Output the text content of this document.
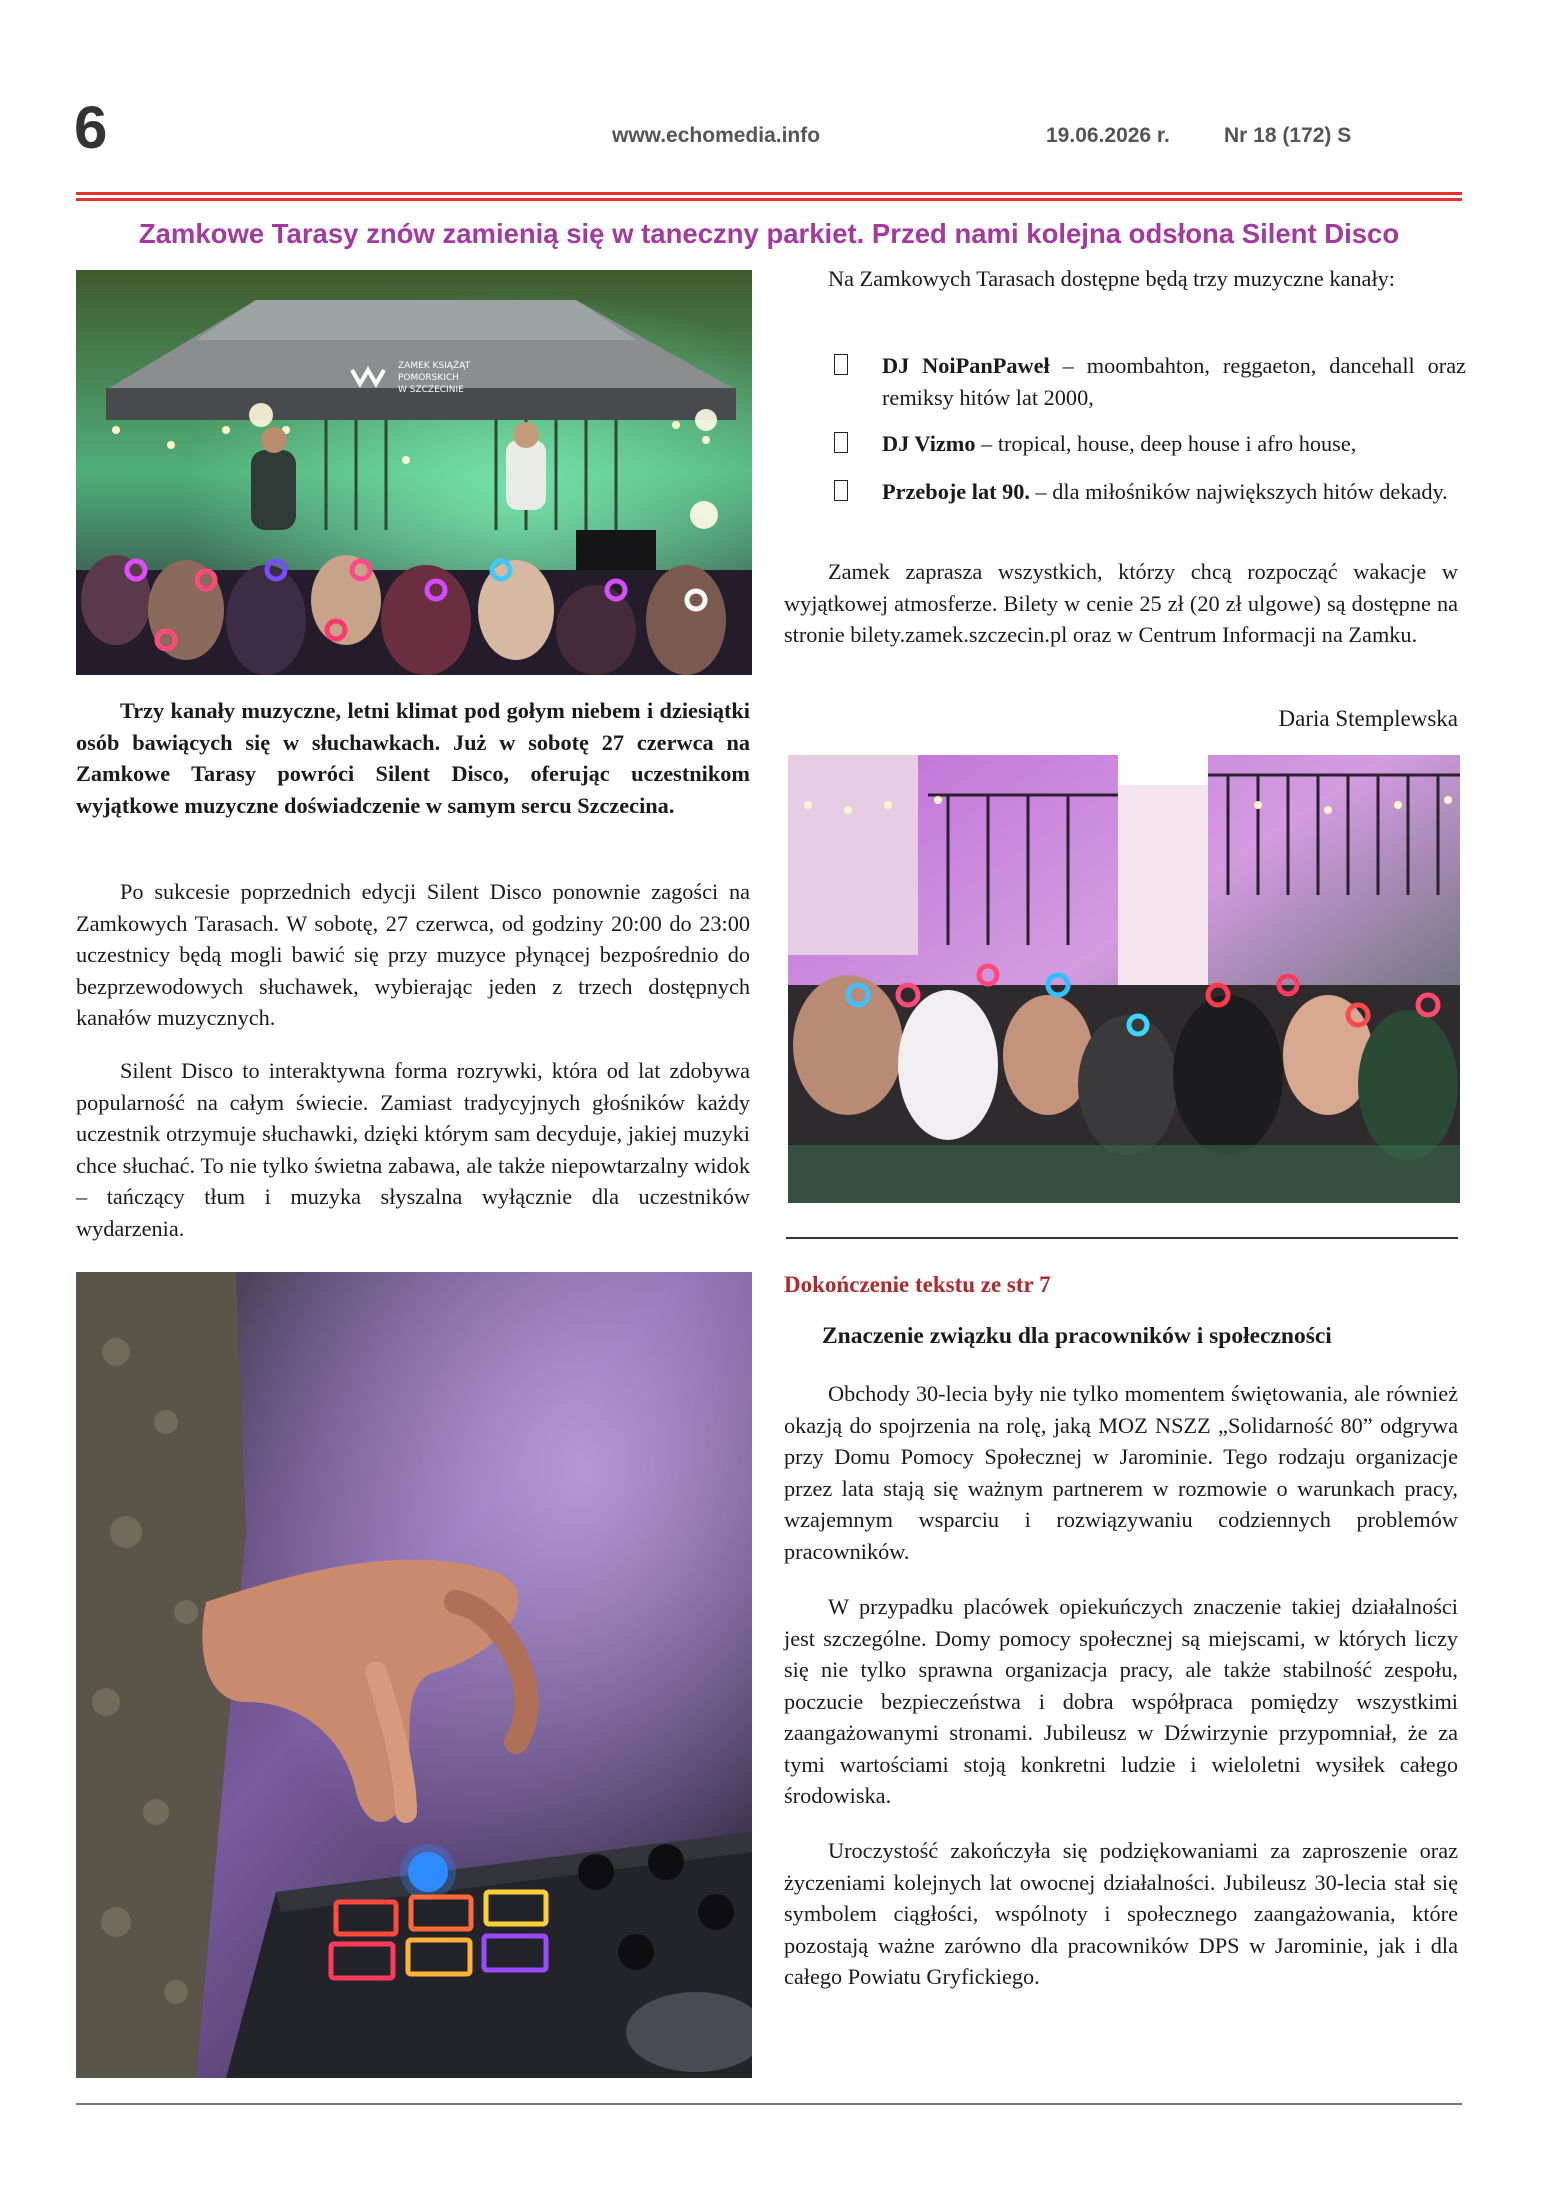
6	www.echomedia.info	19.06.2026 r.	Nr 18 (172) S
Zamkowe Tarasy znów zamienią się w taneczny parkiet. Przed nami kolejna odsłona Silent Disco
ZAMEK KSIĄŻĄT
POMORSKICH
W SZCZECINIE

Trzy kanały muzyczne, letni klimat pod gołym niebem i dziesiątki osób bawiących się w słuchawkach. Już w sobotę 27 czerwca na Zamkowe Tarasy powróci Silent Disco, oferując uczestnikom wyjątkowe muzyczne doświadczenie w samym sercu Szczecina.

Po sukcesie poprzednich edycji Silent Disco ponownie zagości na Zamkowych Tarasach. W sobotę, 27 czerwca, od godziny 20:00 do 23:00 uczestnicy będą mogli bawić się przy muzyce płynącej bezpośrednio do bezprzewodowych słuchawek, wybierając jeden z trzech dostępnych kanałów muzycznych.

Silent Disco to interaktywna forma rozrywki, która od lat zdobywa popularność na całym świecie. Zamiast tradycyjnych głośników każdy uczestnik otrzymuje słuchawki, dzięki którym sam decyduje, jakiej muzyki chce słuchać. To nie tylko świetna zabawa, ale także niepowtarzalny widok – tańczący tłum i muzyka słyszalna wyłącznie dla uczestników wydarzenia.

Na Zamkowych Tarasach dostępne będą trzy muzyczne kanały:

DJ NoiPanPaweł – moombahton, reggaeton, dancehall oraz remiksy hitów lat 2000,
DJ Vizmo – tropical, house, deep house i afro house,
Przeboje lat 90. – dla miłośników największych hitów dekady.

Zamek zaprasza wszystkich, którzy chcą rozpocząć wakacje w wyjątkowej atmosferze. Bilety w cenie 25 zł (20 zł ulgowe) są dostępne na stronie bilety.zamek.szczecin.pl oraz w Centrum Informacji na Zamku.

Daria Stemplewska
Dokończenie tekstu ze str 7
Znaczenie związku dla pracowników i społeczności

Obchody 30-lecia były nie tylko momentem świętowania, ale również okazją do spojrzenia na rolę, jaką MOZ NSZZ „Solidarność 80” odgrywa przy Domu Pomocy Społecznej w Jarominie. Tego rodzaju organizacje przez lata stają się ważnym partnerem w rozmowie o warunkach pracy, wzajemnym wsparciu i rozwiązywaniu codziennych problemów pracowników.

W przypadku placówek opiekuńczych znaczenie takiej działalności jest szczególne. Domy pomocy społecznej są miejscami, w których liczy się nie tylko sprawna organizacja pracy, ale także stabilność zespołu, poczucie bezpieczeństwa i dobra współpraca pomiędzy wszystkimi zaangażowanymi stronami. Jubileusz w Dźwirzynie przypomniał, że za tymi wartościami stoją konkretni ludzie i wieloletni wysiłek całego środowiska.

Uroczystość zakończyła się podziękowaniami za zaproszenie oraz życzeniami kolejnych lat owocnej działalności. Jubileusz 30-lecia stał się symbolem ciągłości, wspólnoty i społecznego zaangażowania, które pozostają ważne zarówno dla pracowników DPS w Jarominie, jak i dla całego Powiatu Gryfickiego.
